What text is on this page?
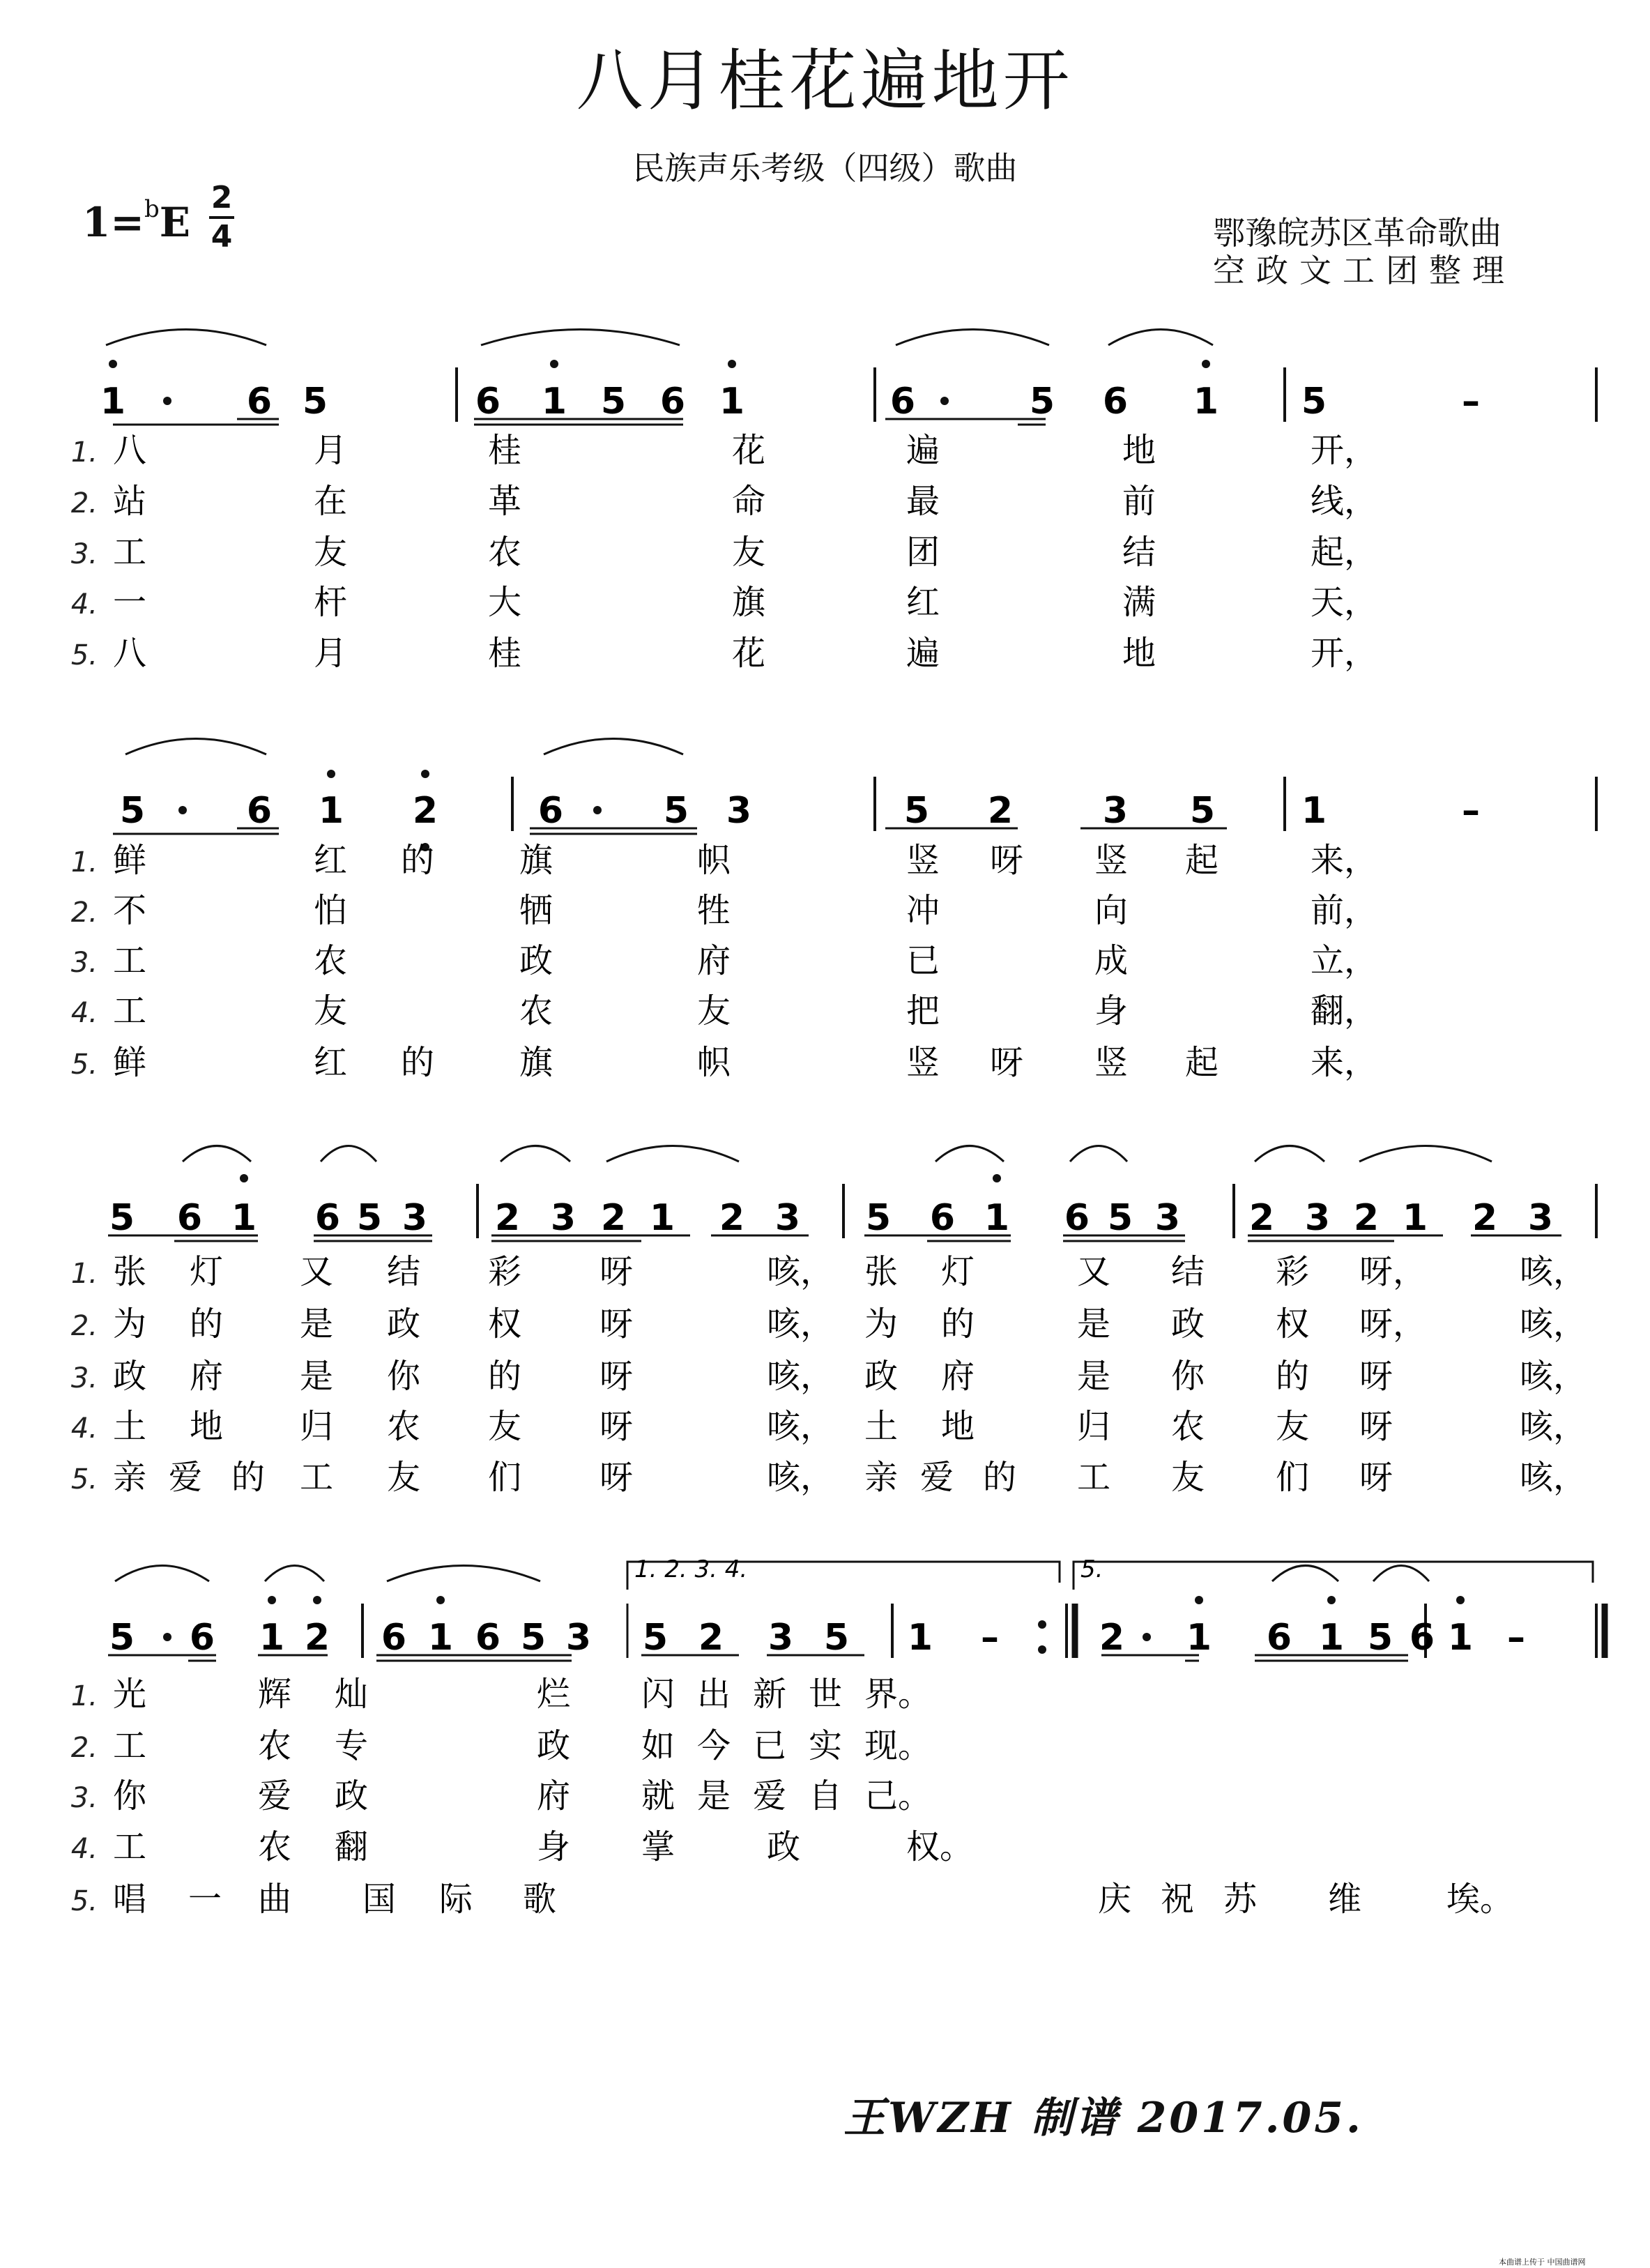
八月桂花遍地开
民族声乐考级（四级）歌曲
1=$^b$E
2
4	鄂豫皖苏区革命歌曲
空政文工团整理
1	6 5	6 1 5 6 1	6	5 6 1 5	–
5	6 1 2	6	5 3	5 2 3 5 1	–
5 6 1 6 5 3 2 3 2 1 2 3 5 6 1 6 5 3 2 3 2 1 2 3
5 6 1 2 6 1 6 5 3 5 2 3 5 1 –	2 1 6 1 5 6 1 –
1. 八	月	桂	花	遍	地	开，
2. 站	在	革	命	最	前	线，
3. 工	友	农	友	团	结	起，
4. 一	杆	大	旗	红	满	天，
5. 八	月	桂	花	遍	地	开，
1. 鲜	红 的	旗	帜	竖 呀 竖 起	来，
2. 不	怕	牺	牲	冲	向	前，
3. 工	农	政	府	已	成	立，
4. 工	友	农	友	把	身	翻，
5. 鲜	红 的	旗	帜	竖 呀 竖 起	来，
1. 张 灯 又 结 彩 呀	咳， 张 灯	又 结 彩 呀，	咳，
2. 为 的 是 政 权 呀	咳， 为 的	是 政 权 呀，	咳，
3. 政 府 是 你 的 呀	咳， 政 府	是 你 的 呀	咳，
4. 土 地 归 农 友 呀	咳， 土 地	归 农 友 呀	咳，
5. 亲 爱 的 工 友 们 呀	咳， 亲 爱 的 工 友 们 呀	咳，
1. 光	辉 灿	烂 闪 出 新 世 界。
2. 工	农 专	政 如 今 已 实 现。
3. 你	爱 政	府 就 是 爱 自 己。
4. 工	农 翻	身 掌	政	权。
5. 唱 一 曲 国 际 歌	庆 祝 苏 维	埃。
1. 2. 3. 4.	5.
王WZH 制谱 2017.05.
本曲谱上传于 中国曲谱网
